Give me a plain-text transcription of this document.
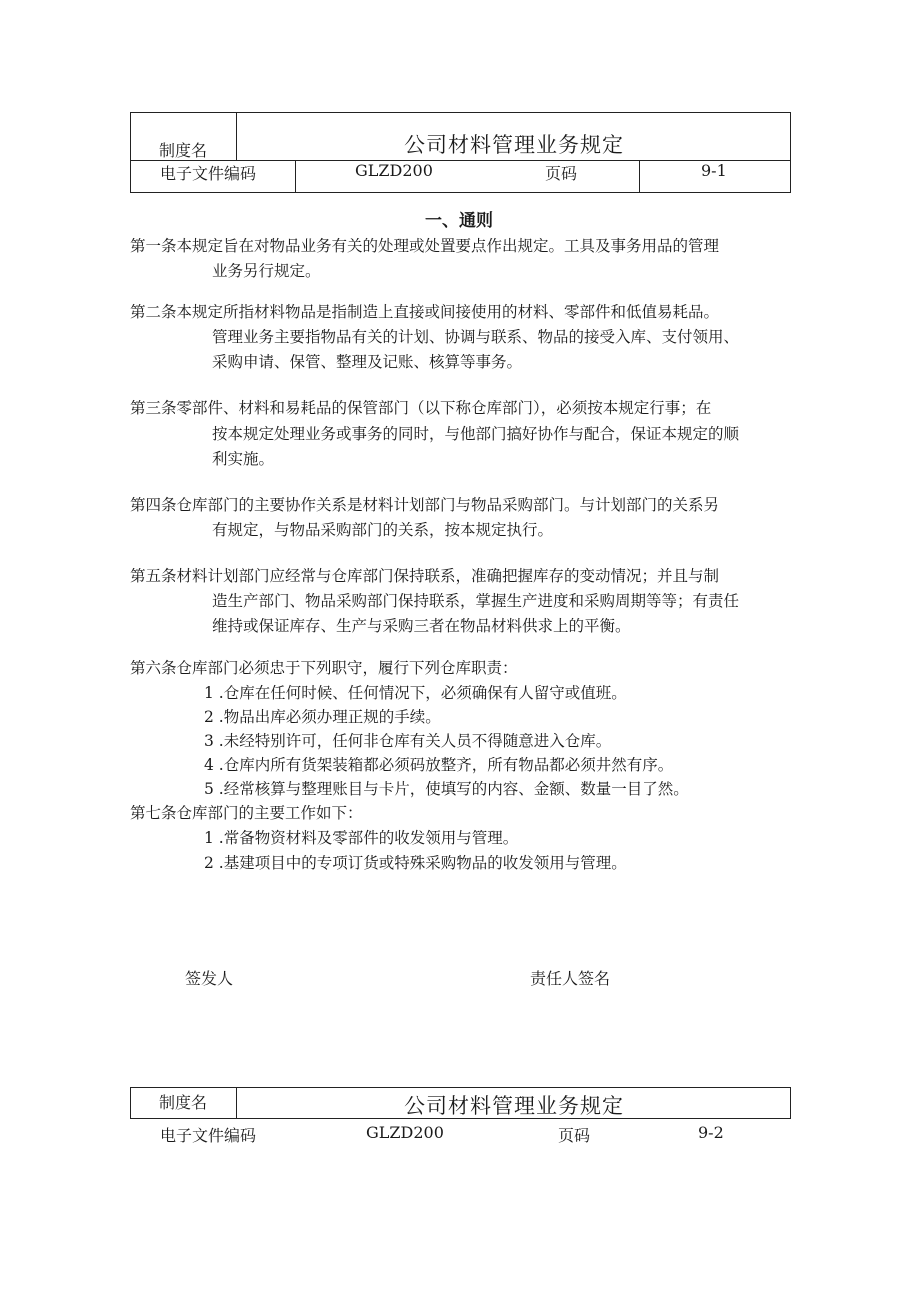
制度名	公司材料管理业务规定
电子文件编码	GLZD200	页码	9-1
一、通则
第一条本规定旨在对物品业务有关的处理或处置要点作出规定。工具及事务用品的管理
业务另行规定。
第二条本规定所指材料物品是指制造上直接或间接使用的材料、零部件和低值易耗品。
管理业务主要指物品有关的计划、协调与联系、物品的接受入库、支付领用、
采购申请、保管、整理及记账、核算等事务。
第三条零部件、材料和易耗品的保管部门（以下称仓库部门），必须按本规定行事；在
按本规定处理业务或事务的同时，与他部门搞好协作与配合，保证本规定的顺
利实施。
第四条仓库部门的主要协作关系是材料计划部门与物品采购部门。与计划部门的关系另
有规定，与物品采购部门的关系，按本规定执行。
第五条材料计划部门应经常与仓库部门保持联系，准确把握库存的变动情况；并且与制
造生产部门、物品采购部门保持联系，掌握生产进度和采购周期等等；有责任
维持或保证库存、生产与采购三者在物品材料供求上的平衡。
第六条仓库部门必须忠于下列职守，履行下列仓库职责：
1 .仓库在任何时候、任何情况下，必须确保有人留守或值班。
2 .物品出库必须办理正规的手续。
3 .未经特别许可，任何非仓库有关人员不得随意进入仓库。
4 .仓库内所有货架装箱都必须码放整齐，所有物品都必须井然有序。
5 .经常核算与整理账目与卡片，使填写的内容、金额、数量一目了然。
第七条仓库部门的主要工作如下：
1 .常备物资材料及零部件的收发领用与管理。
2 .基建项目中的专项订货或特殊采购物品的收发领用与管理。
签发人	责任人签名
制度名	公司材料管理业务规定
电子文件编码	GLZD200	页码	9-2
